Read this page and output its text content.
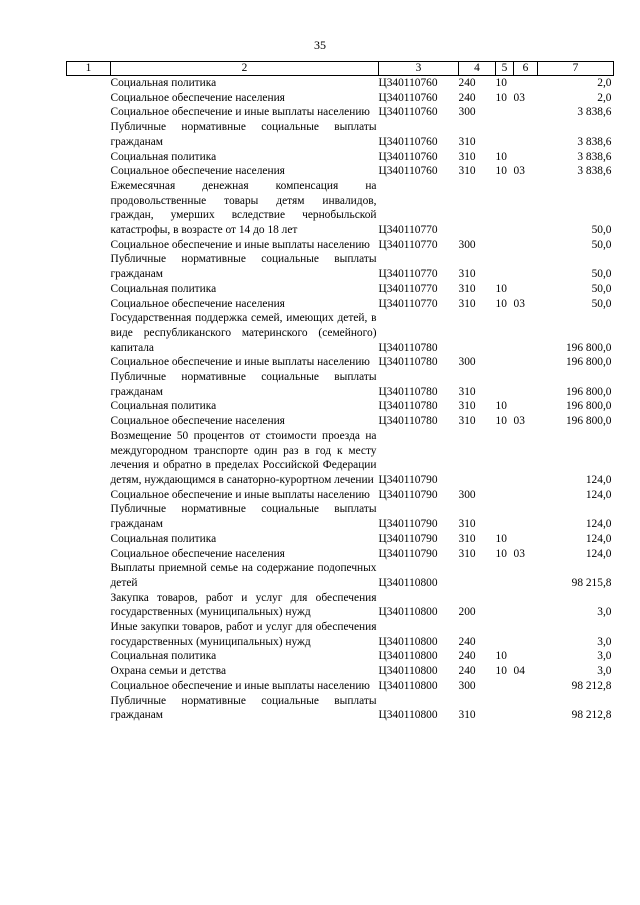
35
1	2	3	4	5	6	7
	Социальная политика	Ц340110760	240	10		2,0
	Социальное обеспечение населения	Ц340110760	240	10	03	2,0
	Социальное обеспечение и иные выплаты населению	Ц340110760	300			3 838,6
	Публичные нормативные социальные выплаты гражданам	Ц340110760	310			3 838,6
	Социальная политика	Ц340110760	310	10		3 838,6
	Социальное обеспечение населения	Ц340110760	310	10	03	3 838,6
	Ежемесячная денежная компенсация на продовольственные товары детям инвалидов, граждан, умерших вследствие чернобыльской катастрофы, в возрасте от 14 до 18 лет	Ц340110770				50,0
	Социальное обеспечение и иные выплаты населению	Ц340110770	300			50,0
	Публичные нормативные социальные выплаты гражданам	Ц340110770	310			50,0
	Социальная политика	Ц340110770	310	10		50,0
	Социальное обеспечение населения	Ц340110770	310	10	03	50,0
	Государственная поддержка семей, имеющих детей, в виде республиканского материнского (семейного) капитала	Ц340110780				196 800,0
	Социальное обеспечение и иные выплаты населению	Ц340110780	300			196 800,0
	Публичные нормативные социальные выплаты гражданам	Ц340110780	310			196 800,0
	Социальная политика	Ц340110780	310	10		196 800,0
	Социальное обеспечение населения	Ц340110780	310	10	03	196 800,0
	Возмещение 50 процентов от стоимости проезда на междугородном транспорте один раз в год к месту лечения и обратно в пределах Российской Федерации детям, нуждающимся в санаторно-курортном лечении	Ц340110790				124,0
	Социальное обеспечение и иные выплаты населению	Ц340110790	300			124,0
	Публичные нормативные социальные выплаты гражданам	Ц340110790	310			124,0
	Социальная политика	Ц340110790	310	10		124,0
	Социальное обеспечение населения	Ц340110790	310	10	03	124,0
	Выплаты приемной семье на содержание подопечных детей	Ц340110800				98 215,8
	Закупка товаров, работ и услуг для обеспечения государственных (муниципальных) нужд	Ц340110800	200			3,0
	Иные закупки товаров, работ и услуг для обеспечения государственных (муниципальных) нужд	Ц340110800	240			3,0
	Социальная политика	Ц340110800	240	10		3,0
	Охрана семьи и детства	Ц340110800	240	10	04	3,0
	Социальное обеспечение и иные выплаты населению	Ц340110800	300			98 212,8
	Публичные нормативные социальные выплаты гражданам	Ц340110800	310			98 212,8
